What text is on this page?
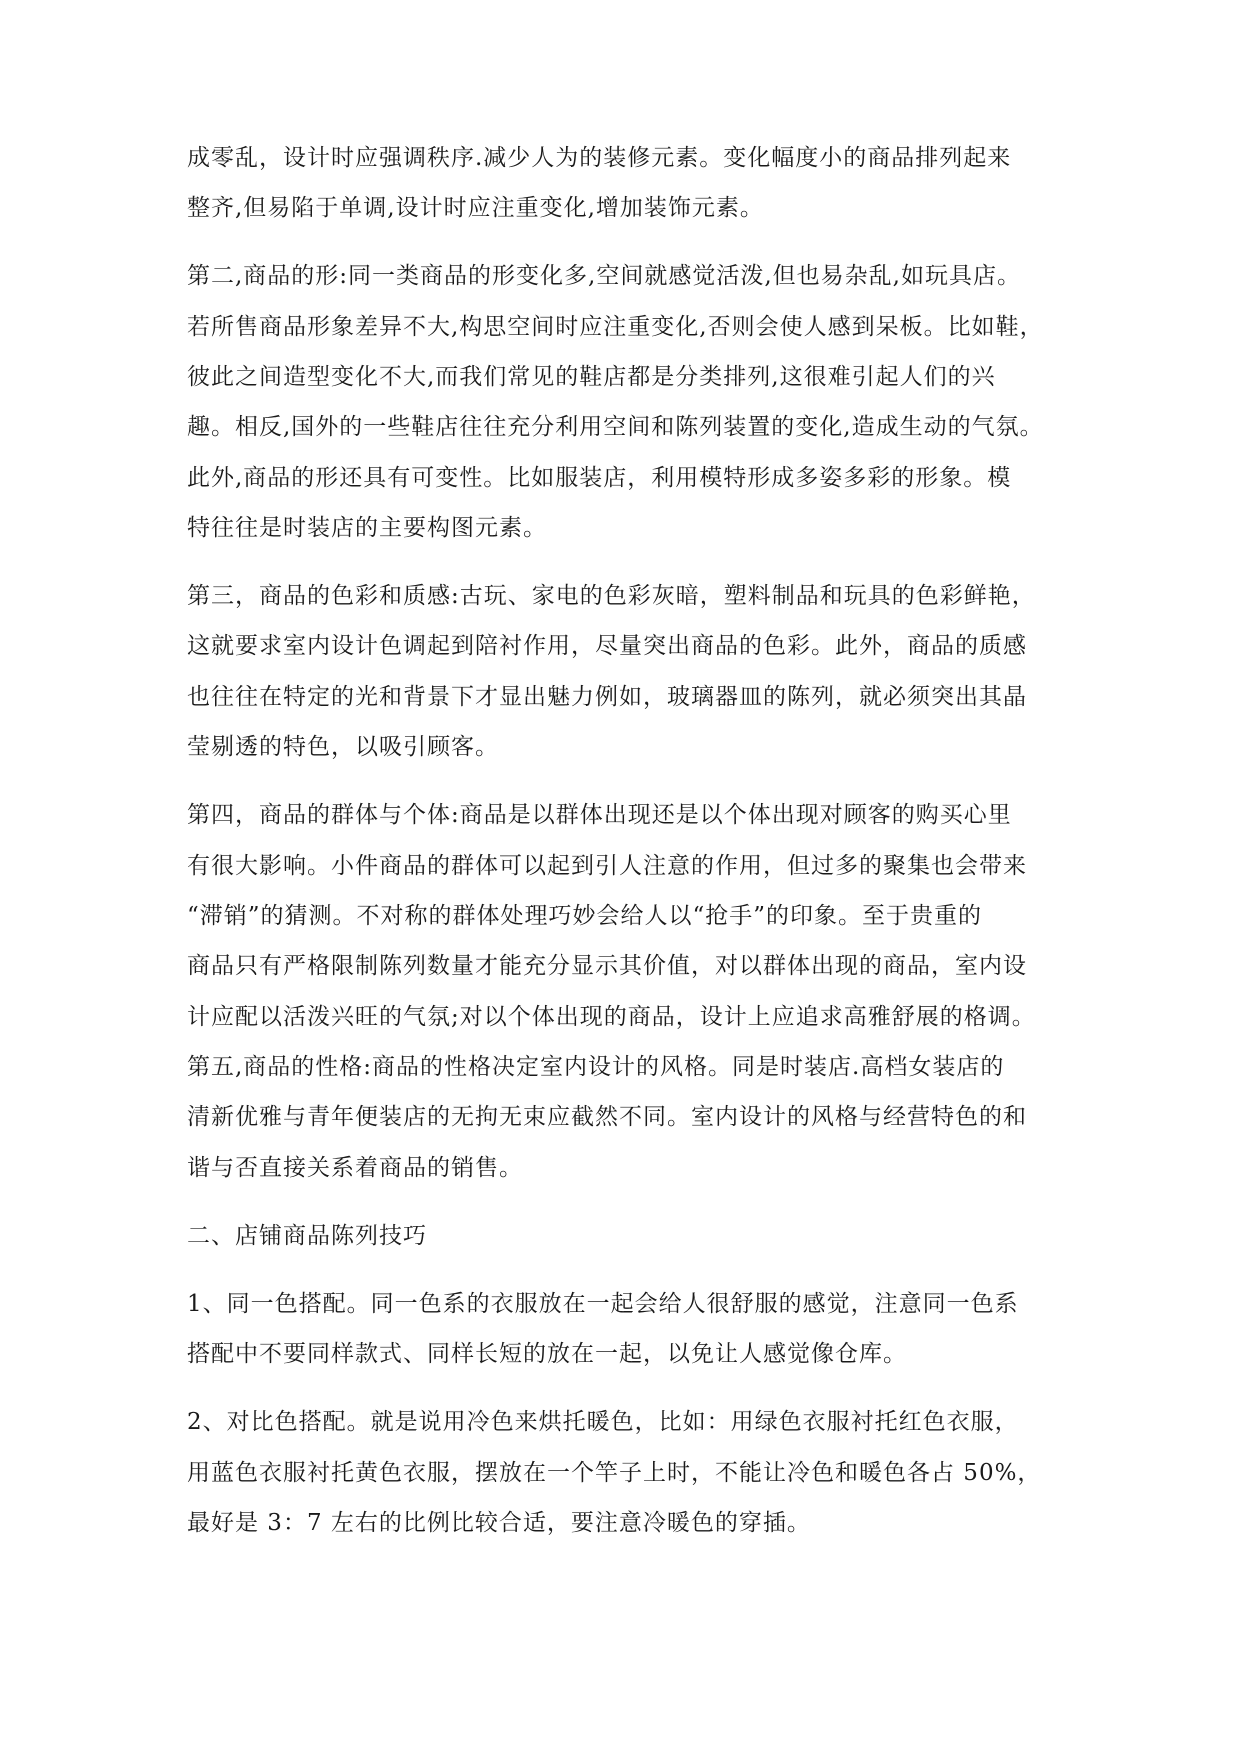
成零乱，设计时应强调秩序.减少人为的装修元素。变化幅度小的商品排列起来
整齐,但易陷于单调,设计时应注重变化,增加装饰元素。
第二,商品的形:同一类商品的形变化多,空间就感觉活泼,但也易杂乱,如玩具店。
若所售商品形象差异不大,构思空间时应注重变化,否则会使人感到呆板。比如鞋，
彼此之间造型变化不大,而我们常见的鞋店都是分类排列,这很难引起人们的兴
趣。相反,国外的一些鞋店往往充分利用空间和陈列装置的变化,造成生动的气氛。
此外,商品的形还具有可变性。比如服装店，利用模特形成多姿多彩的形象。模
特往往是时装店的主要构图元素。
第三，商品的色彩和质感:古玩、家电的色彩灰暗，塑料制品和玩具的色彩鲜艳，
这就要求室内设计色调起到陪衬作用，尽量突出商品的色彩。此外，商品的质感
也往往在特定的光和背景下才显出魅力例如，玻璃器皿的陈列，就必须突出其晶
莹剔透的特色，以吸引顾客。
第四，商品的群体与个体:商品是以群体出现还是以个体出现对顾客的购买心里
有很大影响。小件商品的群体可以起到引人注意的作用，但过多的聚集也会带来
“滞销”的猜测。不对称的群体处理巧妙会给人以“抢手”的印象。至于贵重的
商品只有严格限制陈列数量才能充分显示其价值，对以群体出现的商品，室内设
计应配以活泼兴旺的气氛;对以个体出现的商品，设计上应追求高雅舒展的格调。
第五,商品的性格:商品的性格决定室内设计的风格。同是时装店.高档女装店的
清新优雅与青年便装店的无拘无束应截然不同。室内设计的风格与经营特色的和
谐与否直接关系着商品的销售。
二、店铺商品陈列技巧
1、同一色搭配。同一色系的衣服放在一起会给人很舒服的感觉，注意同一色系
搭配中不要同样款式、同样长短的放在一起，以免让人感觉像仓库。
2、对比色搭配。就是说用冷色来烘托暖色，比如：用绿色衣服衬托红色衣服，
用蓝色衣服衬托黄色衣服，摆放在一个竿子上时，不能让冷色和暖色各占 50%，
最好是 3：7 左右的比例比较合适，要注意冷暖色的穿插。
